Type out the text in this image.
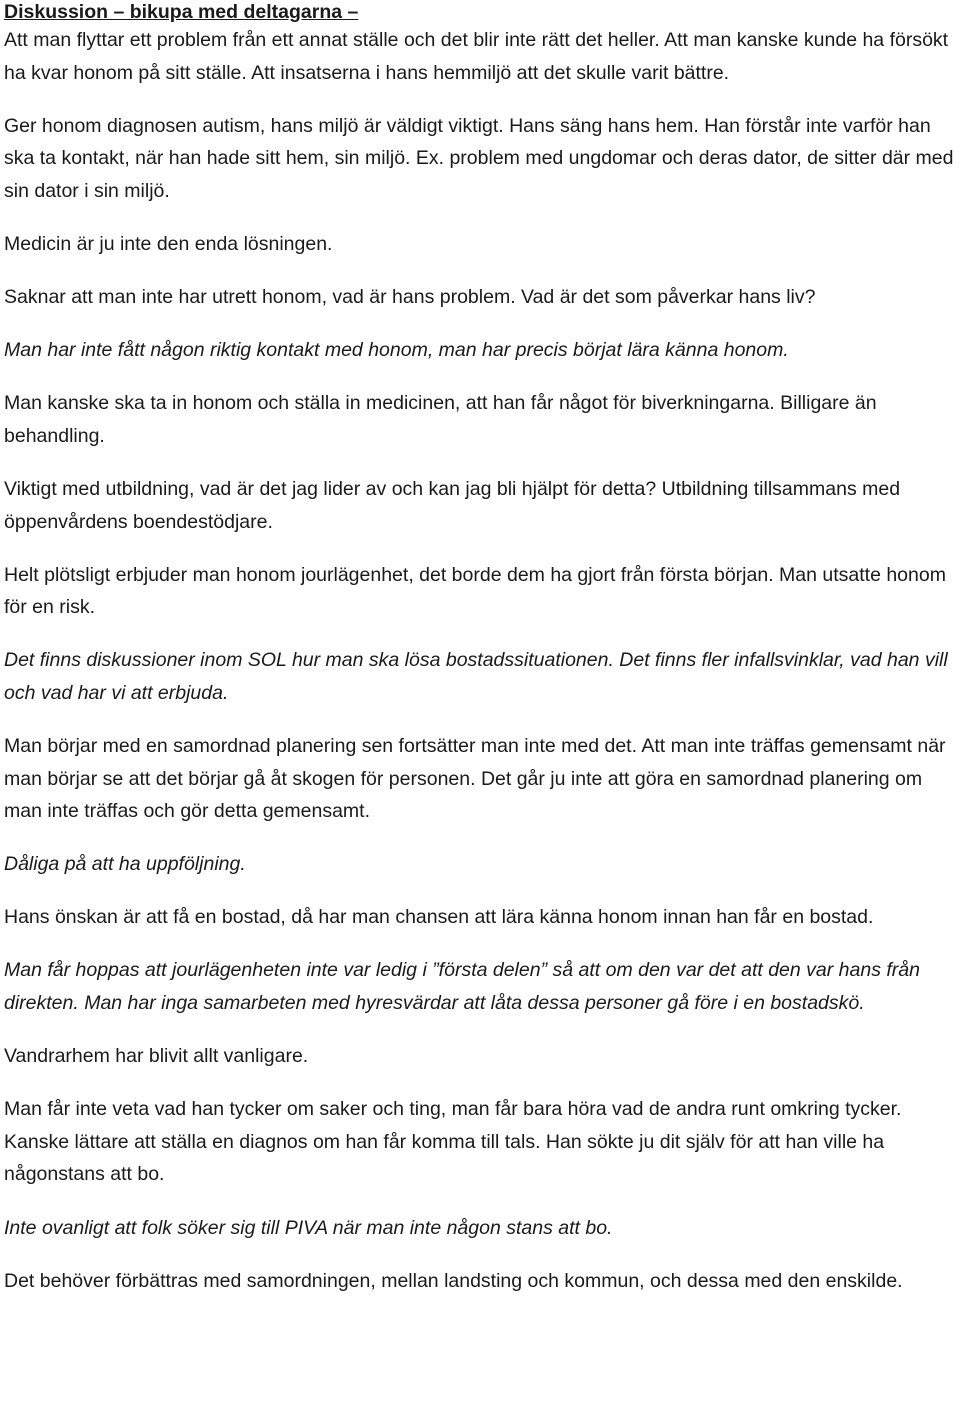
Diskussion – bikupa med deltagarna –

Att man flyttar ett problem från ett annat ställe och det blir inte rätt det heller. Att man kanske kunde ha försökt ha kvar honom på sitt ställe. Att insatserna i hans hemmiljö att det skulle varit bättre.

Ger honom diagnosen autism, hans miljö är väldigt viktigt. Hans säng hans hem. Han förstår inte varför han ska ta kontakt, när han hade sitt hem, sin miljö. Ex. problem med ungdomar och deras dator, de sitter där med sin dator i sin miljö.

Medicin är ju inte den enda lösningen.

Saknar att man inte har utrett honom, vad är hans problem. Vad är det som påverkar hans liv?

Man har inte fått någon riktig kontakt med honom, man har precis börjat lära känna honom.

Man kanske ska ta in honom och ställa in medicinen, att han får något för biverkningarna. Billigare än behandling.

Viktigt med utbildning, vad är det jag lider av och kan jag bli hjälpt för detta? Utbildning tillsammans med öppenvårdens boendestödjare.

Helt plötsligt erbjuder man honom jourlägenhet, det borde dem ha gjort från första början. Man utsatte honom för en risk.

Det finns diskussioner inom SOL hur man ska lösa bostadssituationen. Det finns fler infallsvinklar, vad han vill och vad har vi att erbjuda.

Man börjar med en samordnad planering sen fortsätter man inte med det. Att man inte träffas gemensamt när man börjar se att det börjar gå åt skogen för personen. Det går ju inte att göra en samordnad planering om man inte träffas och gör detta gemensamt.

Dåliga på att ha uppföljning.

Hans önskan är att få en bostad, då har man chansen att lära känna honom innan han får en bostad.

Man får hoppas att jourlägenheten inte var ledig i ”första delen” så att om den var det att den var hans från direkten. Man har inga samarbeten med hyresvärdar att låta dessa personer gå före i en bostadskö.

Vandrarhem har blivit allt vanligare.

Man får inte veta vad han tycker om saker och ting, man får bara höra vad de andra runt omkring tycker. Kanske lättare att ställa en diagnos om han får komma till tals. Han sökte ju dit själv för att han ville ha någonstans att bo.

Inte ovanligt att folk söker sig till PIVA när man inte någon stans att bo.

Det behöver förbättras med samordningen, mellan landsting och kommun, och dessa med den enskilde.
